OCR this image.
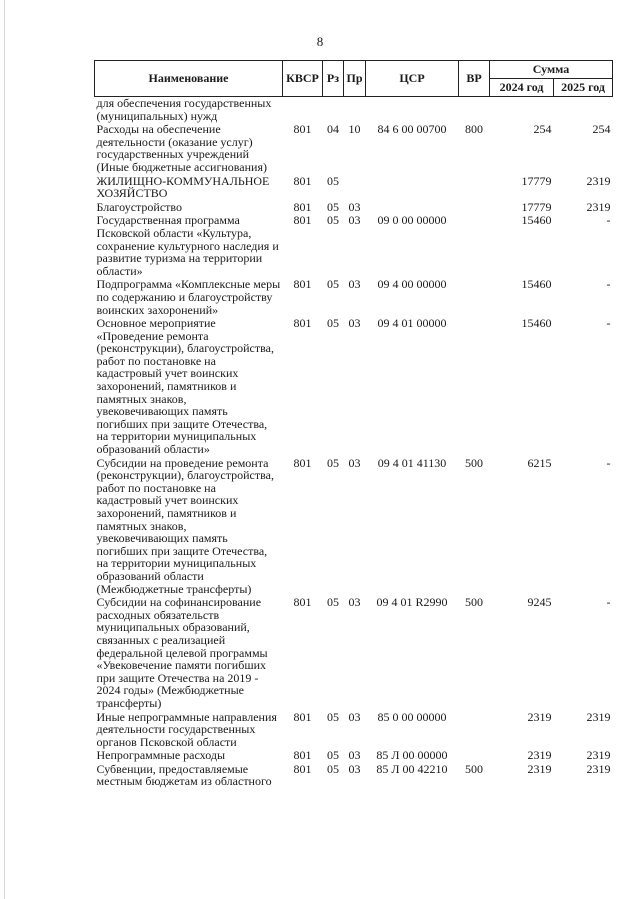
8
Наименование	КВСР	Рз	Пр	ЦСР	ВР	Сумма	
						2024 год	2025 год
для обеспечения государственных (муниципальных) нужд							
Расходы на обеспечение деятельности (оказание услуг) государственных учреждений (Иные бюджетные ассигнования)	801	04	10	84 6 00 00700	800	254	254
ЖИЛИЩНО-КОММУНАЛЬНОЕ ХОЗЯЙСТВО	801	05				17779	2319
Благоустройство	801	05	03			17779	2319
Государственная программа Псковской области «Культура, сохранение культурного наследия и развитие туризма на территории области»	801	05	03	09 0 00 00000		15460	-
Подпрограмма «Комплексные меры по содержанию и благоустройству воинских захоронений»	801	05	03	09 4 00 00000		15460	-
Основное мероприятие «Проведение ремонта (реконструкции), благоустройства, работ по постановке на кадастровый учет воинских захоронений, памятников и памятных знаков, увековечивающих память погибших при защите Отечества, на территории муниципальных образований области»	801	05	03	09 4 01 00000		15460	-
Субсидии на проведение ремонта (реконструкции), благоустройства, работ по постановке на кадастровый учет воинских захоронений, памятников и памятных знаков, увековечивающих память погибших при защите Отечества, на территории муниципальных образований области (Межбюджетные трансферты)	801	05	03	09 4 01 41130	500	6215	-
Субсидии на софинансирование расходных обязательств муниципальных образований, связанных с реализацией федеральной целевой программы «Увековечение памяти погибших при защите Отечества на 2019 - 2024 годы» (Межбюджетные трансферты)	801	05	03	09 4 01 R2990	500	9245	-
Иные непрограммные направления деятельности государственных органов Псковской области	801	05	03	85 0 00 00000		2319	2319
Непрограммные расходы	801	05	03	85 Л 00 00000		2319	2319
Субвенции, предоставляемые местным бюджетам из областного	801	05	03	85 Л 00 42210	500	2319	2319
